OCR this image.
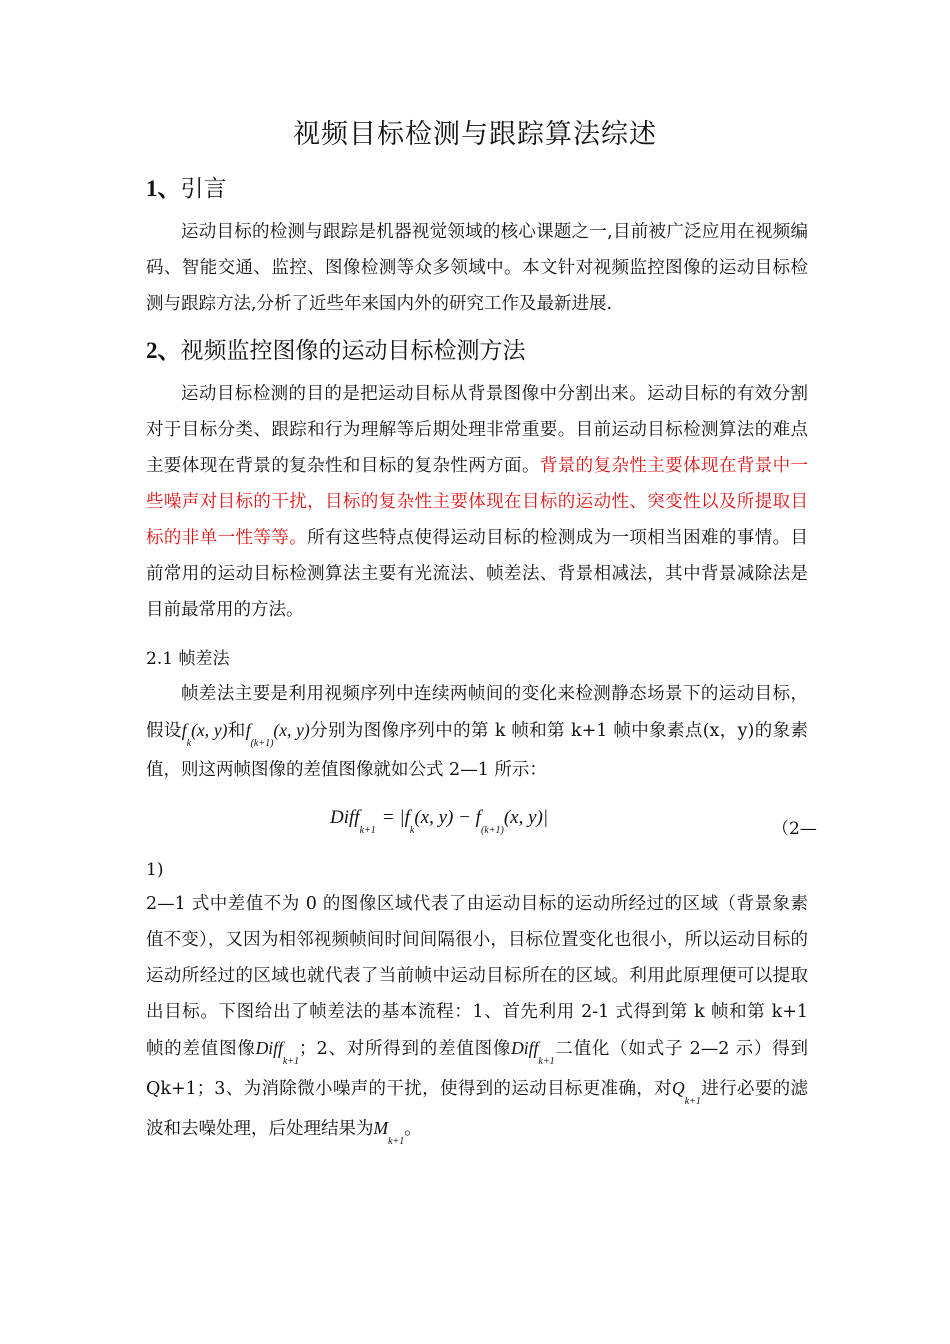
视频目标检测与跟踪算法综述
1、引言
运动目标的检测与跟踪是机器视觉领域的核心课题之一,目前被广泛应用在视频编码、智能交通、监控、图像检测等众多领域中。本文针对视频监控图像的运动目标检测与跟踪方法,分析了近些年来国内外的研究工作及最新进展.
2、视频监控图像的运动目标检测方法
运动目标检测的目的是把运动目标从背景图像中分割出来。运动目标的有效分割对于目标分类、跟踪和行为理解等后期处理非常重要。目前运动目标检测算法的难点主要体现在背景的复杂性和目标的复杂性两方面。背景的复杂性主要体现在背景中一些噪声对目标的干扰，目标的复杂性主要体现在目标的运动性、突变性以及所提取目标的非单一性等等。所有这些特点使得运动目标的检测成为一项相当困难的事情。目前常用的运动目标检测算法主要有光流法、帧差法、背景相减法，其中背景减除法是目前最常用的方法。
2.1 帧差法
帧差法主要是利用视频序列中连续两帧间的变化来检测静态场景下的运动目标，假设$f_k(x$, y)和$f_{(k+1)}(x$, y)分别为图像序列中的第 k 帧和第 k+1 帧中象素点(x，y)的象素值，则这两帧图像的差值图像就如公式 2—1 所示：
Diff$_{k+1}$ = $|f_k(x$, $y) - f_{(k+1)}(x$, y)|
（2—
1)
2—1 式中差值不为 0 的图像区域代表了由运动目标的运动所经过的区域（背景象素值不变），又因为相邻视频帧间时间间隔很小，目标位置变化也很小，所以运动目标的运动所经过的区域也就代表了当前帧中运动目标所在的区域。利用此原理便可以提取出目标。下图给出了帧差法的基本流程：1、首先利用 2-1 式得到第 k 帧和第 k+1 帧的差值图像Diff$_{k+1}$；2、对所得到的差值图像Diff$_{k+1}$二值化（如式子 2—2 示）得到 Qk+1；3、为消除微小噪声的干扰，使得到的运动目标更准确，对$Q_{k+1}$进行必要的滤波和去噪处理，后处理结果为$M_{k+1}$。
